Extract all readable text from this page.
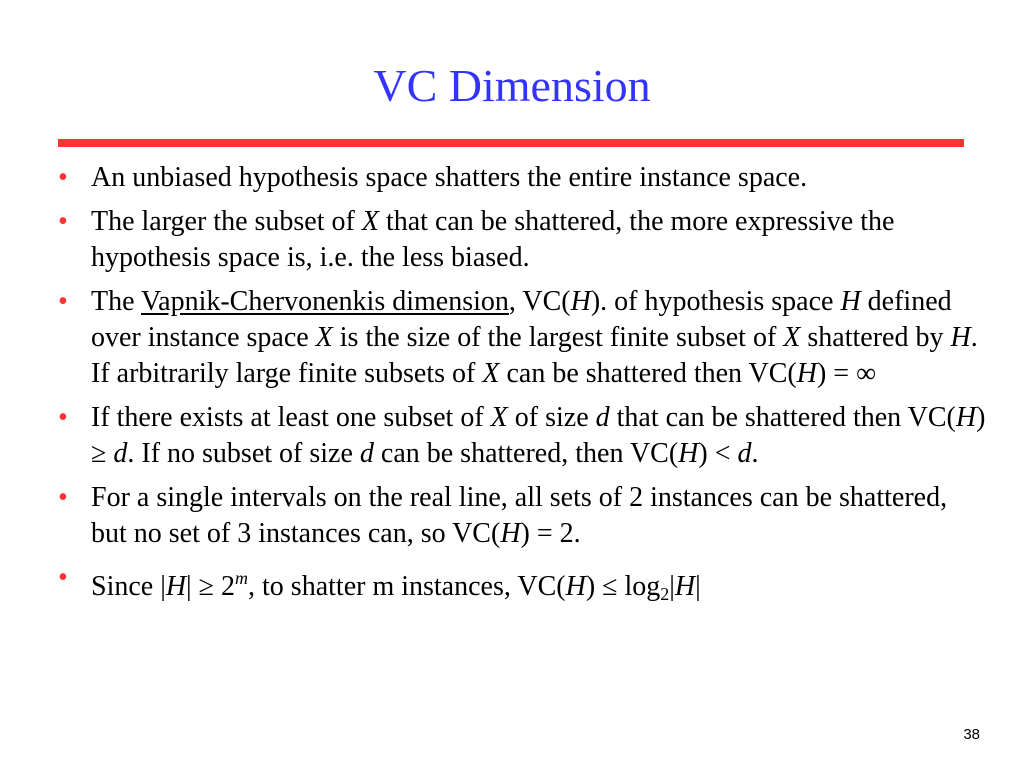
VC Dimension
• An unbiased hypothesis space shatters the entire instance space.
• The larger the subset of X that can be shattered, the more expressive the hypothesis space is, i.e. the less biased.
• The Vapnik-Chervonenkis dimension, VC(H). of hypothesis space H defined over instance space X is the size of the largest finite subset of X shattered by H. If arbitrarily large finite subsets of X can be shattered then VC(H) = ∞
• If there exists at least one subset of X of size d that can be shattered then VC(H) ≥ d. If no subset of size d can be shattered, then VC(H) < d.
• For a single intervals on the real line, all sets of 2 instances can be shattered, but no set of 3 instances can, so VC(H) = 2.
• Since $|H| \ge 2^m$, to shatter m instances, $VC(H) \le \log_2|H|$
38
